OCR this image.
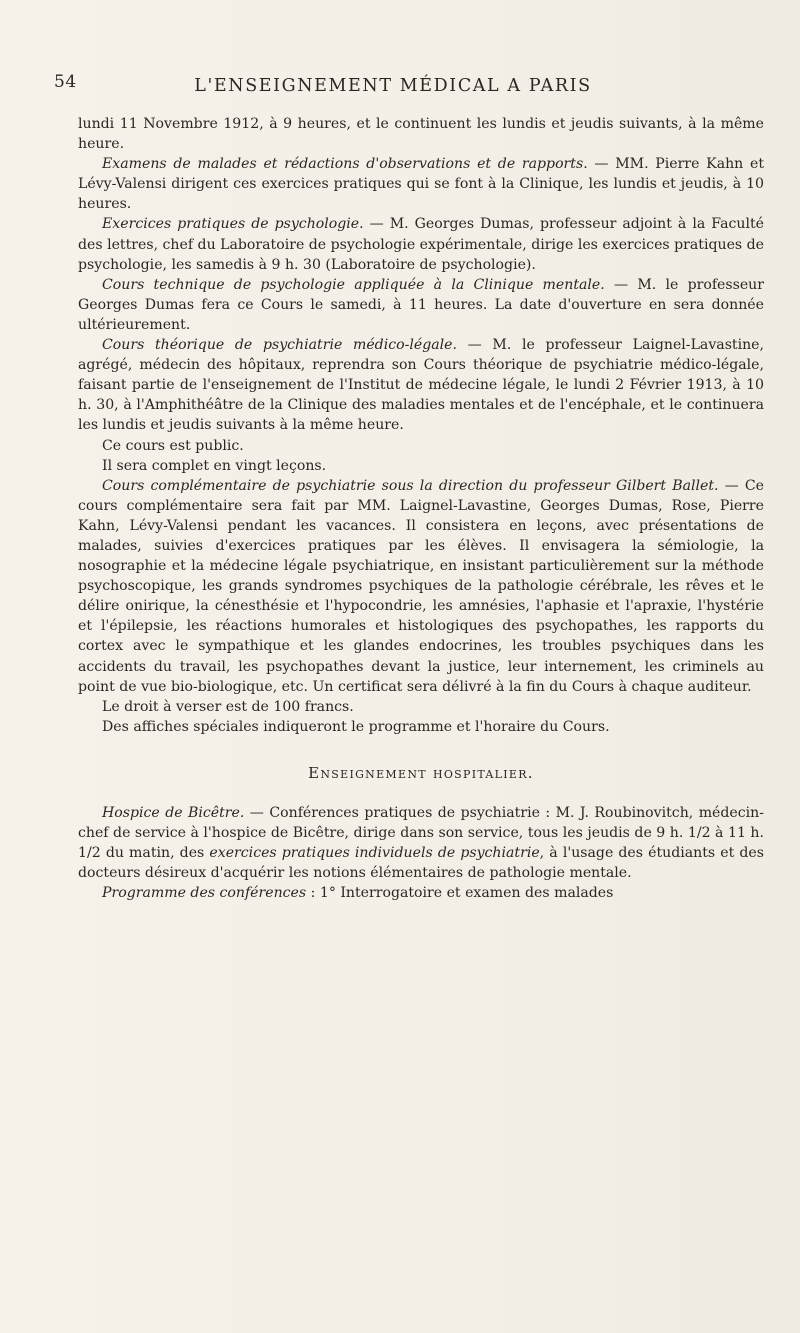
54	L'ENSEIGNEMENT MÉDICAL A PARIS

lundi 11 Novembre 1912, à 9 heures, et le continuent les lundis et jeudis suivants, à la même heure.

Examens de malades et rédactions d'observations et de rapports. — MM. Pierre Kahn et Lévy-Valensi dirigent ces exercices pratiques qui se font à la Clinique, les lundis et jeudis, à 10 heures.

Exercices pratiques de psychologie. — M. Georges Dumas, professeur adjoint à la Faculté des lettres, chef du Laboratoire de psychologie expérimentale, dirige les exercices pratiques de psychologie, les samedis à 9 h. 30 (Laboratoire de psychologie).

Cours technique de psychologie appliquée à la Clinique mentale. — M. le professeur Georges Dumas fera ce Cours le samedi, à 11 heures. La date d'ouverture en sera donnée ultérieurement.

Cours théorique de psychiatrie médico-légale. — M. le professeur Laignel-Lavastine, agrégé, médecin des hôpitaux, reprendra son Cours théorique de psychiatrie médico-légale, faisant partie de l'enseignement de l'Institut de médecine légale, le lundi 2 Février 1913, à 10 h. 30, à l'Amphithéâtre de la Clinique des maladies mentales et de l'encéphale, et le continuera les lundis et jeudis suivants à la même heure.

Ce cours est public.

Il sera complet en vingt leçons.

Cours complémentaire de psychiatrie sous la direction du professeur Gilbert Ballet. — Ce cours complémentaire sera fait par MM. Laignel-Lavastine, Georges Dumas, Rose, Pierre Kahn, Lévy-Valensi pendant les vacances. Il consistera en leçons, avec présentations de malades, suivies d'exercices pratiques par les élèves. Il envisagera la sémiologie, la nosographie et la médecine légale psychiatrique, en insistant particulièrement sur la méthode psychoscopique, les grands syndromes psychiques de la pathologie cérébrale, les rêves et le délire onirique, la cénesthésie et l'hypocondrie, les amnésies, l'aphasie et l'apraxie, l'hystérie et l'épilepsie, les réactions humorales et histologiques des psychopathes, les rapports du cortex avec le sympathique et les glandes endocrines, les troubles psychiques dans les accidents du travail, les psychopathes devant la justice, leur internement, les criminels au point de vue bio-biologique, etc. Un certificat sera délivré à la fin du Cours à chaque auditeur.

Le droit à verser est de 100 francs.

Des affiches spéciales indiqueront le programme et l'horaire du Cours.

Enseignement hospitalier.

Hospice de Bicêtre. — Conférences pratiques de psychiatrie : M. J. Roubinovitch, médecin-chef de service à l'hospice de Bicêtre, dirige dans son service, tous les jeudis de 9 h. 1/2 à 11 h. 1/2 du matin, des exercices pratiques individuels de psychiatrie, à l'usage des étudiants et des docteurs désireux d'acquérir les notions élémentaires de pathologie mentale.

Programme des conférences : 1° Interrogatoire et examen des malades
